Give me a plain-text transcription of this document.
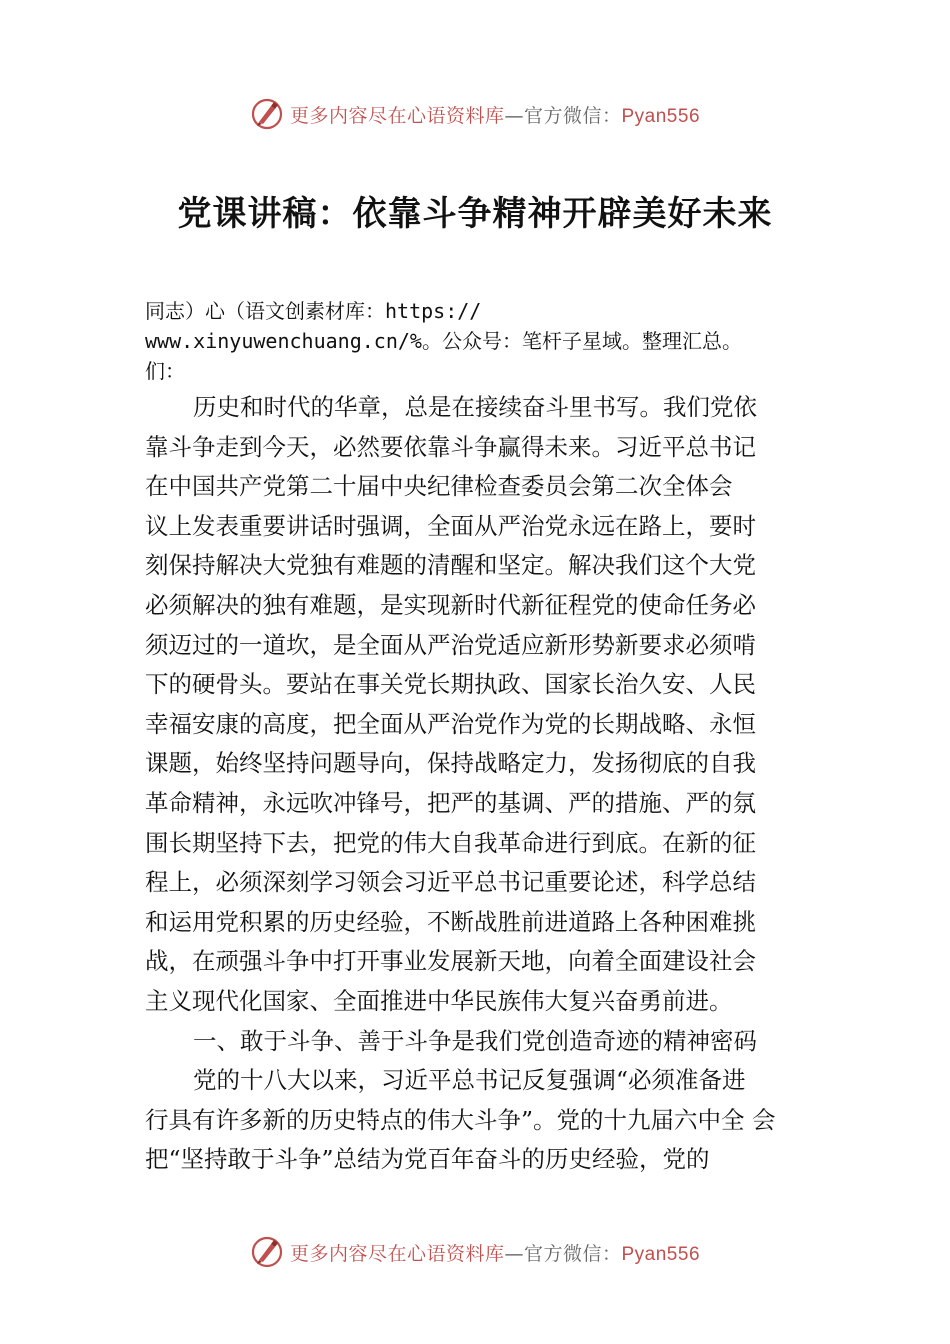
更多内容尽在心语资料库—官方微信：Pyan556
党课讲稿：依靠斗争精神开辟美好未来
同志）心（语文创素材库：https://
www.xinyuwenchuang.cn/%。公众号：笔杆子星域。整理汇总。
们：
历史和时代的华章，总是在接续奋斗里书写。我们党依
靠斗争走到今天，必然要依靠斗争赢得未来。习近平总书记
在中国共产党第二十届中央纪律检查委员会第二次全体会
议上发表重要讲话时强调，全面从严治党永远在路上，要时
刻保持解决大党独有难题的清醒和坚定。解决我们这个大党
必须解决的独有难题，是实现新时代新征程党的使命任务必
须迈过的一道坎，是全面从严治党适应新形势新要求必须啃
下的硬骨头。要站在事关党长期执政、国家长治久安、人民
幸福安康的高度，把全面从严治党作为党的长期战略、永恒
课题，始终坚持问题导向，保持战略定力，发扬彻底的自我
革命精神，永远吹冲锋号，把严的基调、严的措施、严的氛
围长期坚持下去，把党的伟大自我革命进行到底。在新的征
程上，必须深刻学习领会习近平总书记重要论述，科学总结
和运用党积累的历史经验，不断战胜前进道路上各种困难挑
战，在顽强斗争中打开事业发展新天地，向着全面建设社会
主义现代化国家、全面推进中华民族伟大复兴奋勇前进。
一、敢于斗争、善于斗争是我们党创造奇迹的精神密码
党的十八大以来，习近平总书记反复强调“必须准备进
行具有许多新的历史特点的伟大斗争”。党的十九届六中全 会
把“坚持敢于斗争”总结为党百年奋斗的历史经验，党的
更多内容尽在心语资料库—官方微信：Pyan556
